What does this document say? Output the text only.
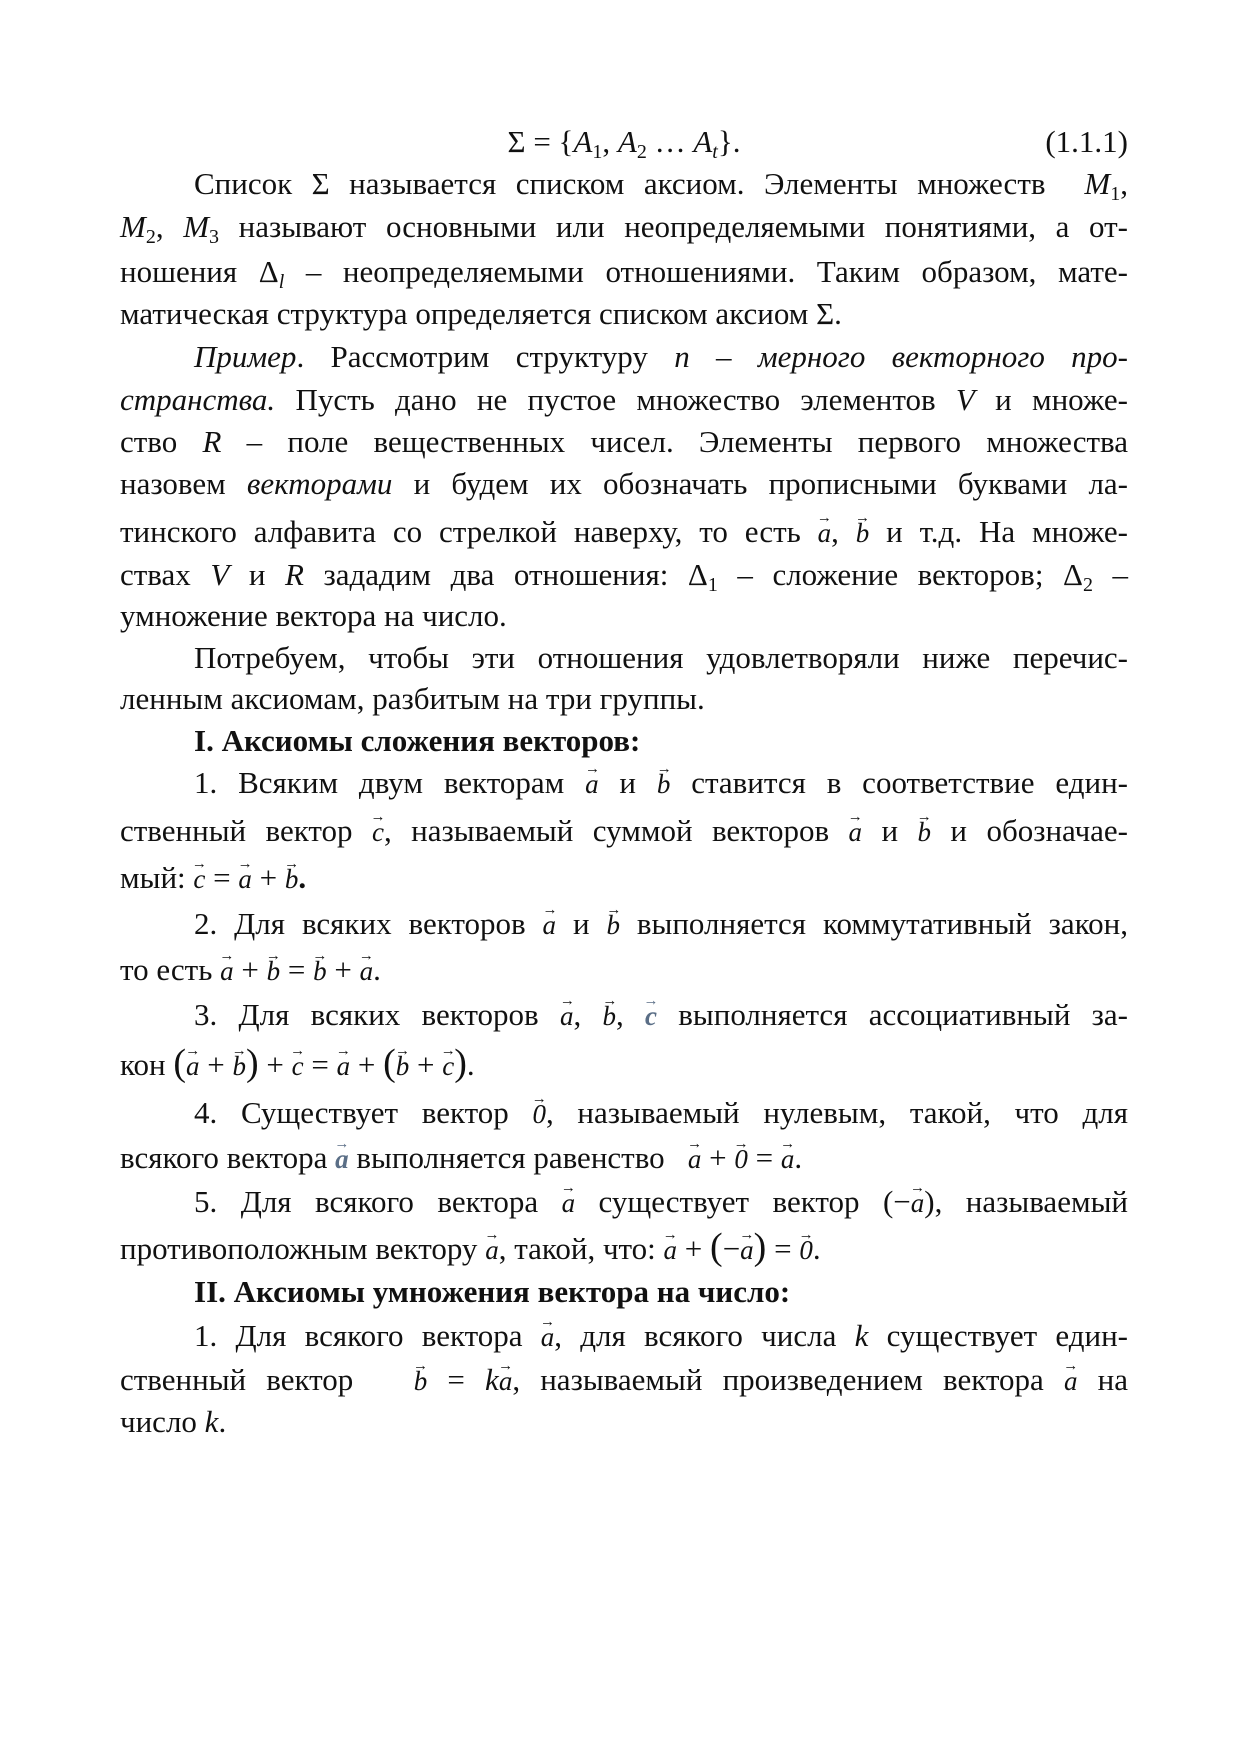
$\Sigma = \{A_1$, $A_2$ … $A_t$}.	(1.1.1)
Список Σ называется списком аксиом. Элементы множеств  $M_1$,
$M_2$, $M_3$ называют основными или неопределяемыми понятиями, а от-
ношения $\Delta_l$ – неопределяемыми отношениями. Таким образом, мате-
матическая структура определяется списком аксиом Σ.
Пример. Рассмотрим структуру n – мерного векторного про-
странства. Пусть дано не пустое множество элементов V и множе-
ство R – поле вещественных чисел. Элементы первого множества
назовем векторами и будем их обозначать прописными буквами ла-
тинского алфавита со стрелкой наверху, то есть → a, → b и т.д. На множе-
ствах V и R зададим два отношения: $\Delta_1$ – сложение векторов; $\Delta_2$ –
умножение вектора на число.
Потребуем, чтобы эти отношения удовлетворяли ниже перечис-
ленным аксиомам, разбитым на три группы.
I. Аксиомы сложения векторов:
1. Всяким двум векторам → a и → b ставится в соответствие един-
ственный вектор → c, называемый суммой векторов → a и → b и обозначае-
мый: → c = → a + → b.
2. Для всяких векторов → a и → b выполняется коммутативный закон,
то есть → a + → b = → b + → a.
3. Для всяких векторов → a, → b, → c выполняется ассоциативный за-
кон (→ a + → b) + → c = → a + (→ b + → c).
4. Существует вектор → 0, называемый нулевым, такой, что для
всякого вектора → a выполняется равенство   → a + → 0 = → a.
5. Для всякого вектора → a существует вектор (−→ a), называемый
противоположным вектору → a, такой, что: → a + (−→ a) = → 0.
II. Аксиомы умножения вектора на число:
1. Для всякого вектора → a, для всякого числа k существует един-
ственный вектор   → b = k→ a, называемый произведением вектора → a на
число k.
